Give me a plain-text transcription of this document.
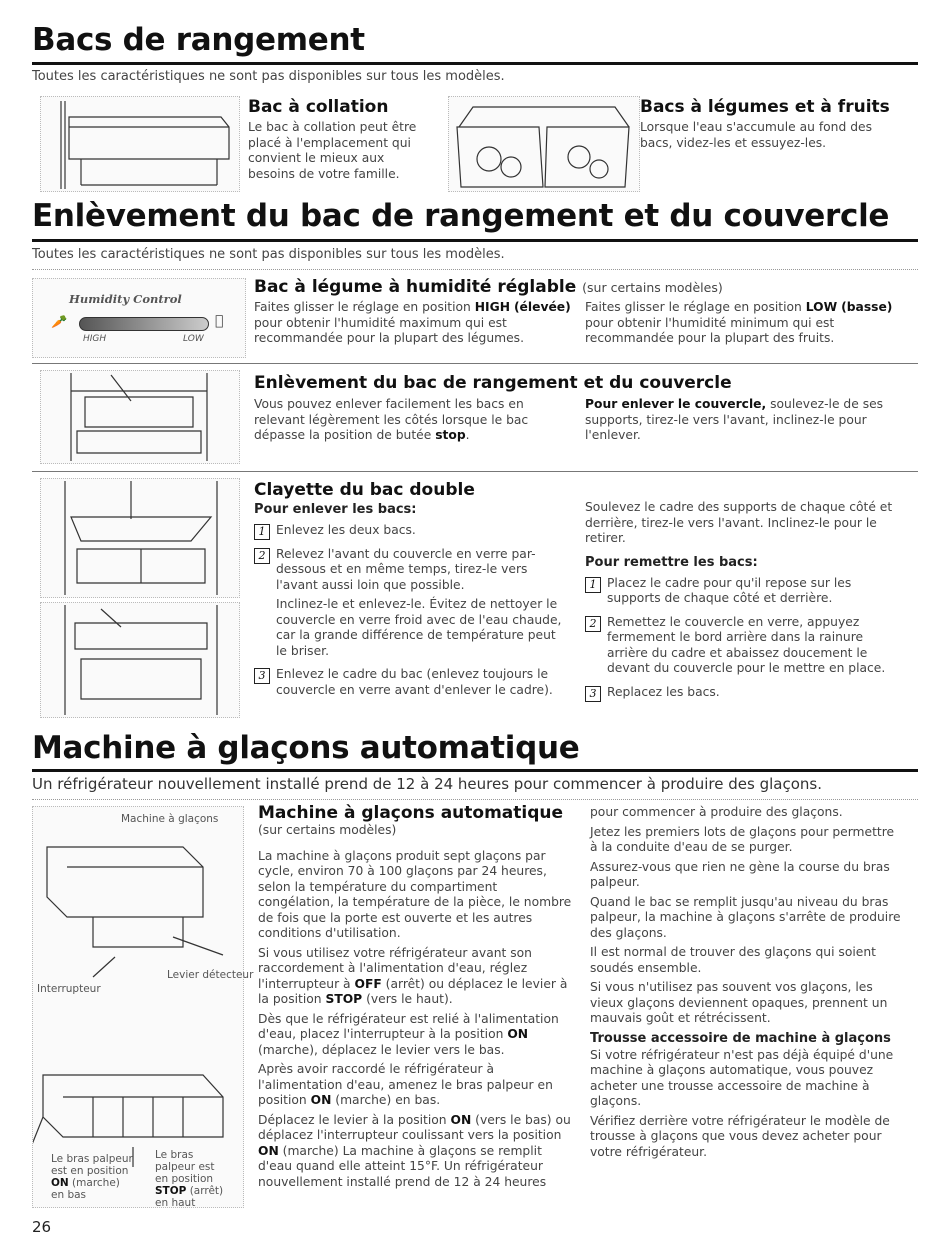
Bacs de rangement
Toutes les caractéristiques ne sont pas disponibles sur tous les modèles.
Bac à collation
Le bac à collation peut être placé à l'emplacement qui convient le mieux aux besoins de votre famille.
Bacs à légumes et à fruits
Lorsque l'eau s'accumule au fond des bacs, videz-les et essuyez-les.
Enlèvement du bac de rangement et du couvercle
Toutes les caractéristiques ne sont pas disponibles sur tous les modèles.
Humidity Control
🥕
HIGH	LOW
Bac à légume à humidité réglable (sur certains modèles)
Faites glisser le réglage en position HIGH (élevée) pour obtenir l'humidité maximum qui est recommandée pour la plupart des légumes.
Faites glisser le réglage en position LOW (basse) pour obtenir l'humidité minimum qui est recommandée pour la plupart des fruits.
Enlèvement du bac de rangement et du couvercle
Vous pouvez enlever facilement les bacs en relevant légèrement les côtés lorsque le bac dépasse la position de butée stop.
Pour enlever le couvercle, soulevez-le de ses supports, tirez-le vers l'avant, inclinez-le pour l'enlever.
Clayette du bac double
Pour enlever les bacs:
1 Enlevez les deux bacs.
2 Relevez l'avant du couvercle en verre par-dessous et en même temps, tirez-le vers l'avant aussi loin que possible.
Inclinez-le et enlevez-le. Évitez de nettoyer le couvercle en verre froid avec de l'eau chaude, car la grande différence de température peut le briser.
3 Enlevez le cadre du bac (enlevez toujours le couvercle en verre avant d'enlever le cadre).
Soulevez le cadre des supports de chaque côté et derrière, tirez-le vers l'avant. Inclinez-le pour le retirer.
Pour remettre les bacs:
1 Placez le cadre pour qu'il repose sur les supports de chaque côté et derrière.
2 Remettez le couvercle en verre, appuyez fermement le bord arrière dans la rainure arrière du cadre et abaissez doucement le devant du couvercle pour le mettre en place.
3 Replacez les bacs.
Machine à glaçons automatique
Un réfrigérateur nouvellement installé prend de 12 à 24 heures pour commencer à produire des glaçons.
Machine à glaçons
Levier détecteur
Interrupteur
Le bras
palpeur est
en position
STOP (arrêt)
en haut
Le bras palpeur
est en position
ON (marche)
en bas
Machine à glaçons automatique
(sur certains modèles)
La machine à glaçons produit sept glaçons par cycle, environ 70 à 100 glaçons par 24 heures, selon la température du compartiment congélation, la température de la pièce, le nombre de fois que la porte est ouverte et les autres conditions d'utilisation.
Si vous utilisez votre réfrigérateur avant son raccordement à l'alimentation d'eau, réglez l'interrupteur à OFF (arrêt) ou déplacez le levier à la position STOP (vers le haut).
Dès que le réfrigérateur est relié à l'alimentation d'eau, placez l'interrupteur à la position ON (marche), déplacez le levier vers le bas.
Après avoir raccordé le réfrigérateur à l'alimentation d'eau, amenez le bras palpeur en position ON (marche) en bas.
Déplacez le levier à la position ON (vers le bas) ou déplacez l'interrupteur coulissant vers la position ON (marche) La machine à glaçons se remplit d'eau quand elle atteint 15°F. Un réfrigérateur nouvellement installé prend de 12 à 24 heures
pour commencer à produire des glaçons.
Jetez les premiers lots de glaçons pour permettre à la conduite d'eau de se purger.
Assurez-vous que rien ne gène la course du bras palpeur.
Quand le bac se remplit jusqu'au niveau du bras palpeur, la machine à glaçons s'arrête de produire des glaçons.
Il est normal de trouver des glaçons qui soient soudés ensemble.
Si vous n'utilisez pas souvent vos glaçons, les vieux glaçons deviennent opaques, prennent un mauvais goût et rétrécissent.
Trousse accessoire de machine à glaçons
Si votre réfrigérateur n'est pas déjà équipé d'une machine à glaçons automatique, vous pouvez acheter une trousse accessoire de machine à glaçons.
Vérifiez derrière votre réfrigérateur le modèle de trousse à glaçons que vous devez acheter pour votre réfrigérateur.
26
